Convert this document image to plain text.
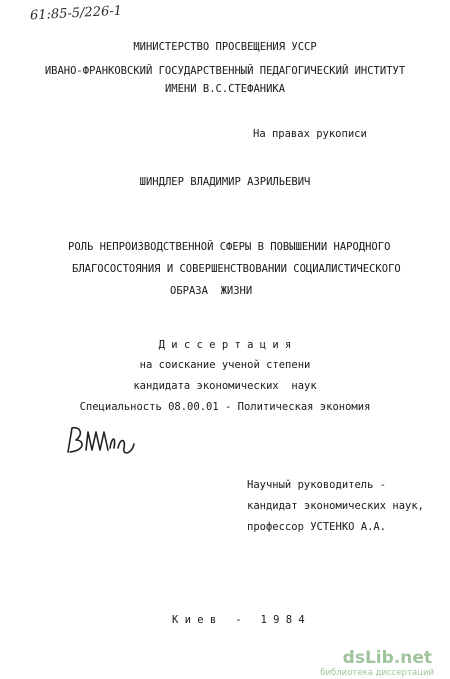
61:85-5/226-1
МИНИСТЕРСТВО ПРОСВЕЩЕНИЯ УССР
ИВАНО-ФРАНКОВСКИЙ ГОСУДАРСТВЕННЫЙ ПЕДАГОГИЧЕСКИЙ ИНСТИТУТ
ИМЕНИ В.С.СТЕФАНИКА
На правах рукописи
ШИНДЛЕР ВЛАДИМИР АЗРИЛЬЕВИЧ
РОЛЬ НЕПРОИЗВОДСТВЕННОЙ СФЕРЫ В ПОВЫШЕНИИ НАРОДНОГО
БЛАГОСОСТОЯНИЯ И СОВЕРШЕНСТВОВАНИИ СОЦИАЛИСТИЧЕСКОГО
ОБРАЗА  ЖИЗНИ
Д и с с е р т а ц и я
на соискание ученой степени
кандидата экономических  наук
Специальность 08.00.01 - Политическая экономия
Научный руководитель -
кандидат экономических наук,
профессор УСТЕНКО А.А.
К и е в   -   1 9 8 4
dsLib.net
библиотека диссертаций
